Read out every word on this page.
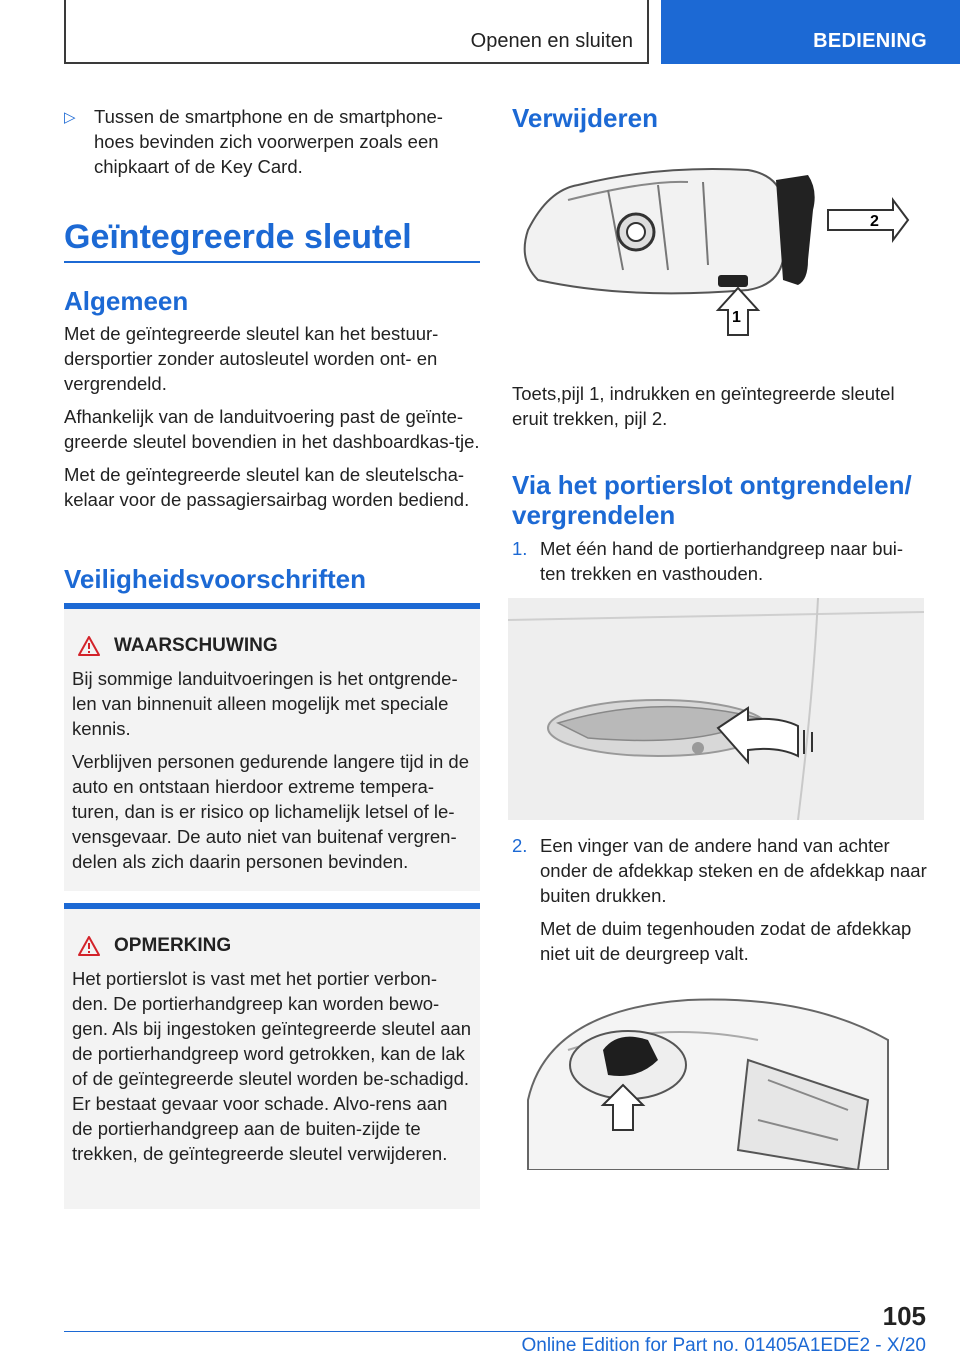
Openen en sluiten	BEDIENING
▷ Tussen de smartphone en de smartphone-hoes bevinden zich voorwerpen zoals een chipkaart of de Key Card.
Geïntegreerde sleutel
Algemeen

Met de geïntegreerde sleutel kan het bestuur-dersportier zonder autosleutel worden ont- en vergrendeld.

Afhankelijk van de landuitvoering past de geïnte-greerde sleutel bovendien in het dashboardkas-tje.

Met de geïntegreerde sleutel kan de sleutelscha-kelaar voor de passagiersairbag worden bediend.

Veiligheidsvoorschriften
WAARSCHUWING

Bij sommige landuitvoeringen is het ontgrende-len van binnenuit alleen mogelijk met speciale kennis.

Verblijven personen gedurende langere tijd in de auto en ontstaan hierdoor extreme tempera-turen, dan is er risico op lichamelijk letsel of le-vensgevaar. De auto niet van buitenaf vergren-delen als zich daarin personen bevinden.

OPMERKING

Het portierslot is vast met het portier verbon-den. De portierhandgreep kan worden bewo-gen. Als bij ingestoken geïntegreerde sleutel aan de portierhandgreep word getrokken, kan de lak of de geïntegreerde sleutel worden be-schadigd. Er bestaat gevaar voor schade. Alvo-rens aan de portierhandgreep aan de buiten-zijde te trekken, de geïntegreerde sleutel verwijderen.

Verwijderen
1
2
Toets,pijl 1, indrukken en geïntegreerde sleutel eruit trekken, pijl 2.
Via het portierslot ontgrendelen/ vergrendelen
1. Met één hand de portierhandgreep naar bui-ten trekken en vasthouden.
2. Een vinger van de andere hand van achter onder de afdekkap steken en de afdekkap naar buiten drukken.
Met de duim tegenhouden zodat de afdekkap niet uit de deurgreep valt.
105
Online Edition for Part no. 01405A1EDE2 - X/20
